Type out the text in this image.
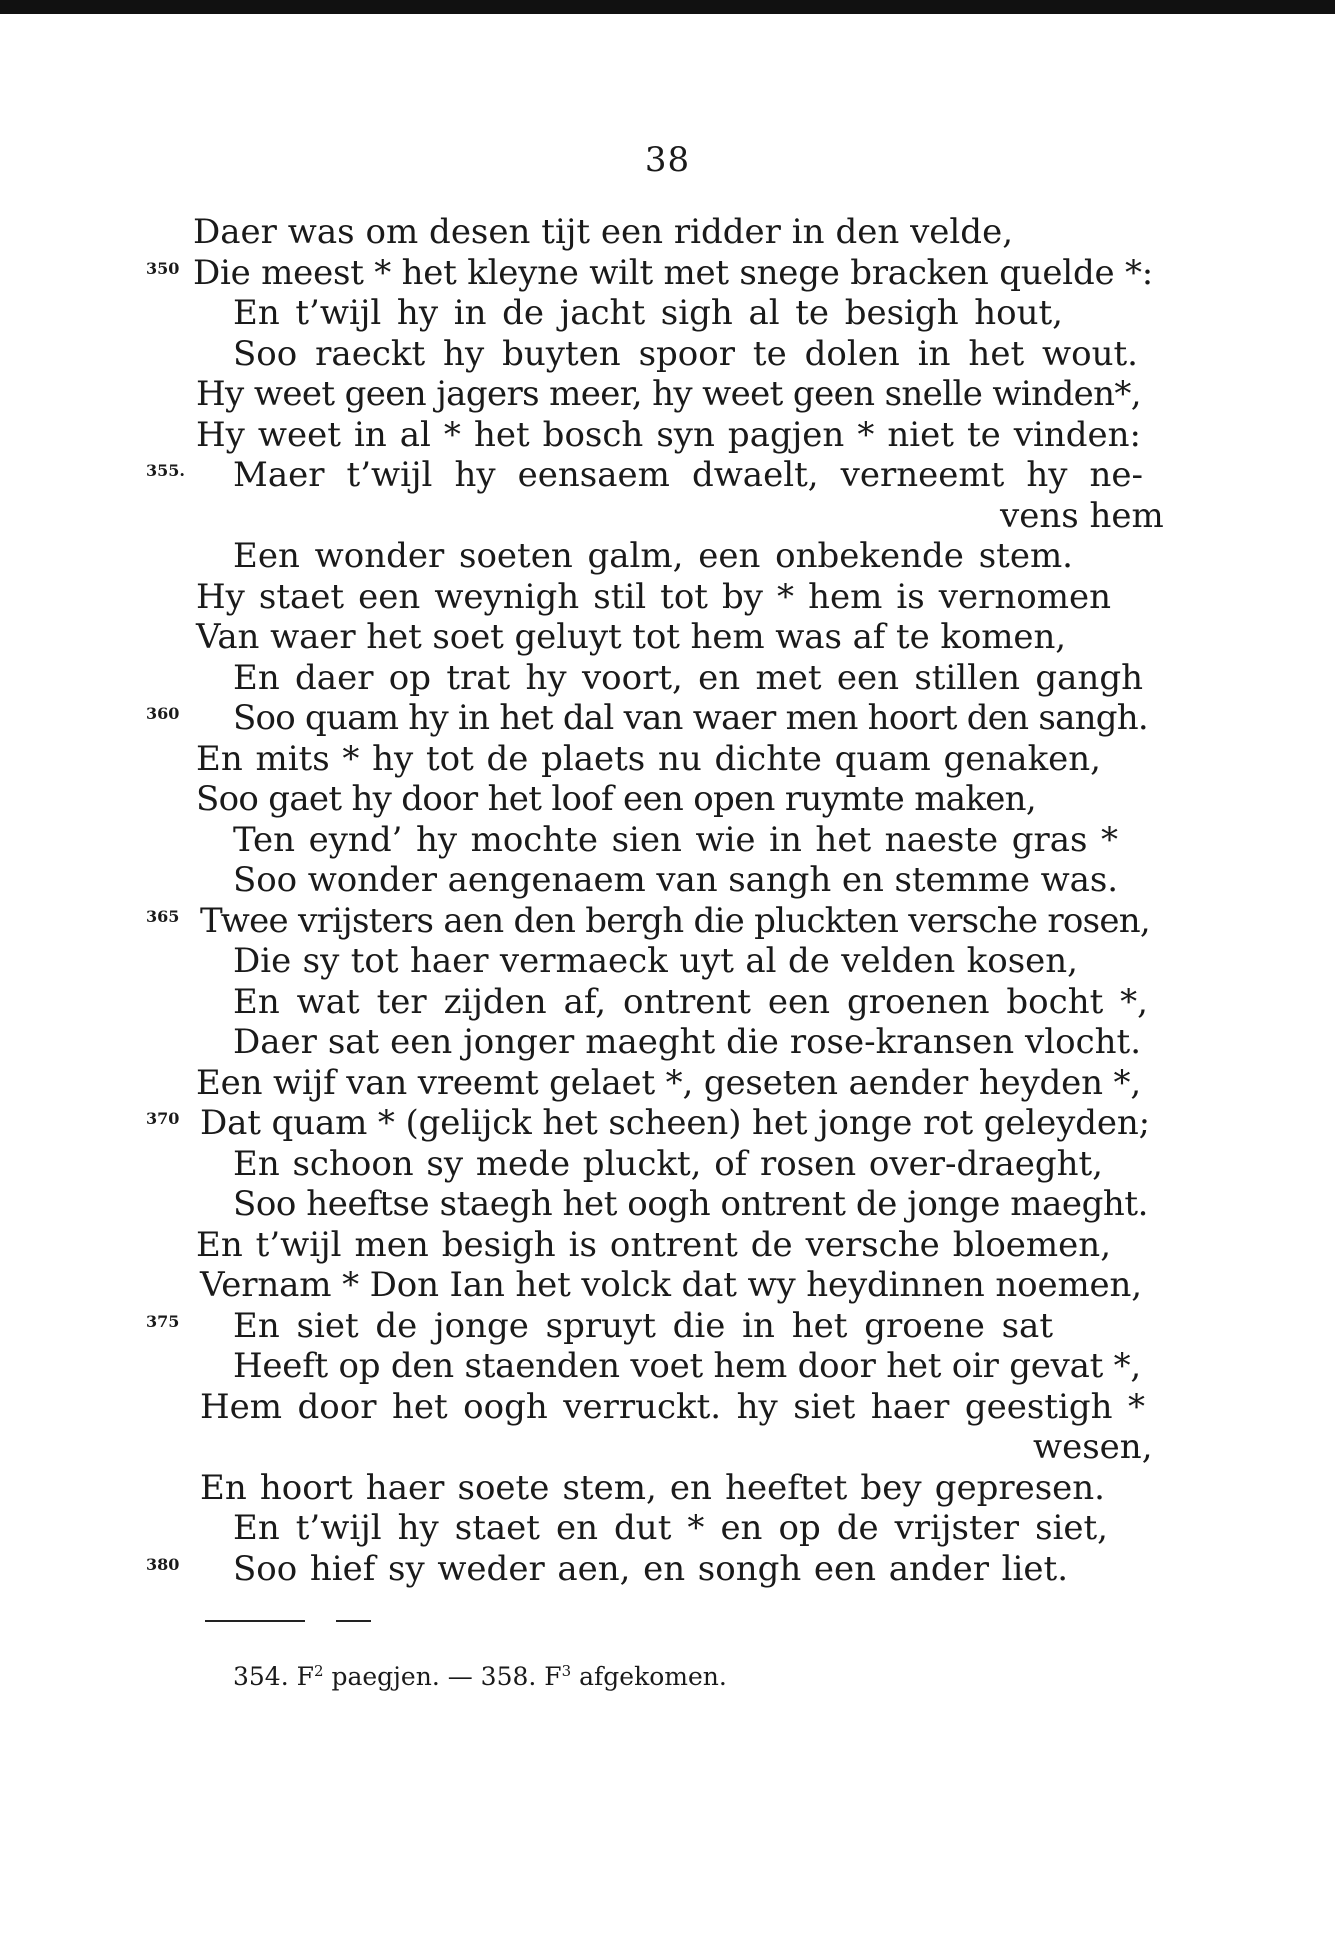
38
Daer was om desen tijt een ridder in den velde,
350 Die meest * het kleyne wilt met snege bracken quelde *:
En t’wijl hy in de jacht sigh al te besigh hout,
Soo raeckt hy buyten spoor te dolen in het wout.
Hy weet geen jagers meer, hy weet geen snelle winden*,
Hy weet in al * het bosch syn pagjen * niet te vinden:
355. Maer t’wijl hy eensaem dwaelt, verneemt hy ne-
vens hem
Een wonder soeten galm, een onbekende stem.
Hy staet een weynigh stil tot by * hem is vernomen
Van waer het soet geluyt tot hem was af te komen,
En daer op trat hy voort, en met een stillen gangh
360 Soo quam hy in het dal van waer men hoort den sangh.
En mits * hy tot de plaets nu dichte quam genaken,
Soo gaet hy door het loof een open ruymte maken,
Ten eynd’ hy mochte sien wie in het naeste gras *
Soo wonder aengenaem van sangh en stemme was.
365 Twee vrijsters aen den bergh die pluckten versche rosen,
Die sy tot haer vermaeck uyt al de velden kosen,
En wat ter zijden af, ontrent een groenen bocht *,
Daer sat een jonger maeght die rose-kransen vlocht.
Een wijf van vreemt gelaet *, geseten aender heyden *,
370 Dat quam * (gelijck het scheen) het jonge rot geleyden;
En schoon sy mede pluckt, of rosen over-draeght,
Soo heeftse staegh het oogh ontrent de jonge maeght.
En t’wijl men besigh is ontrent de versche bloemen,
Vernam * Don Ian het volck dat wy heydinnen noemen,
375 En siet de jonge spruyt die in het groene sat
Heeft op den staenden voet hem door het oir gevat *,
Hem door het oogh verruckt. hy siet haer geestigh *
wesen,
En hoort haer soete stem, en heeftet bey gepresen.
En t’wijl hy staet en dut * en op de vrijster siet,
380 Soo hief sy weder aen, en songh een ander liet.
354. $F^2$ paegjen. — 358. $F^3$ afgekomen.
